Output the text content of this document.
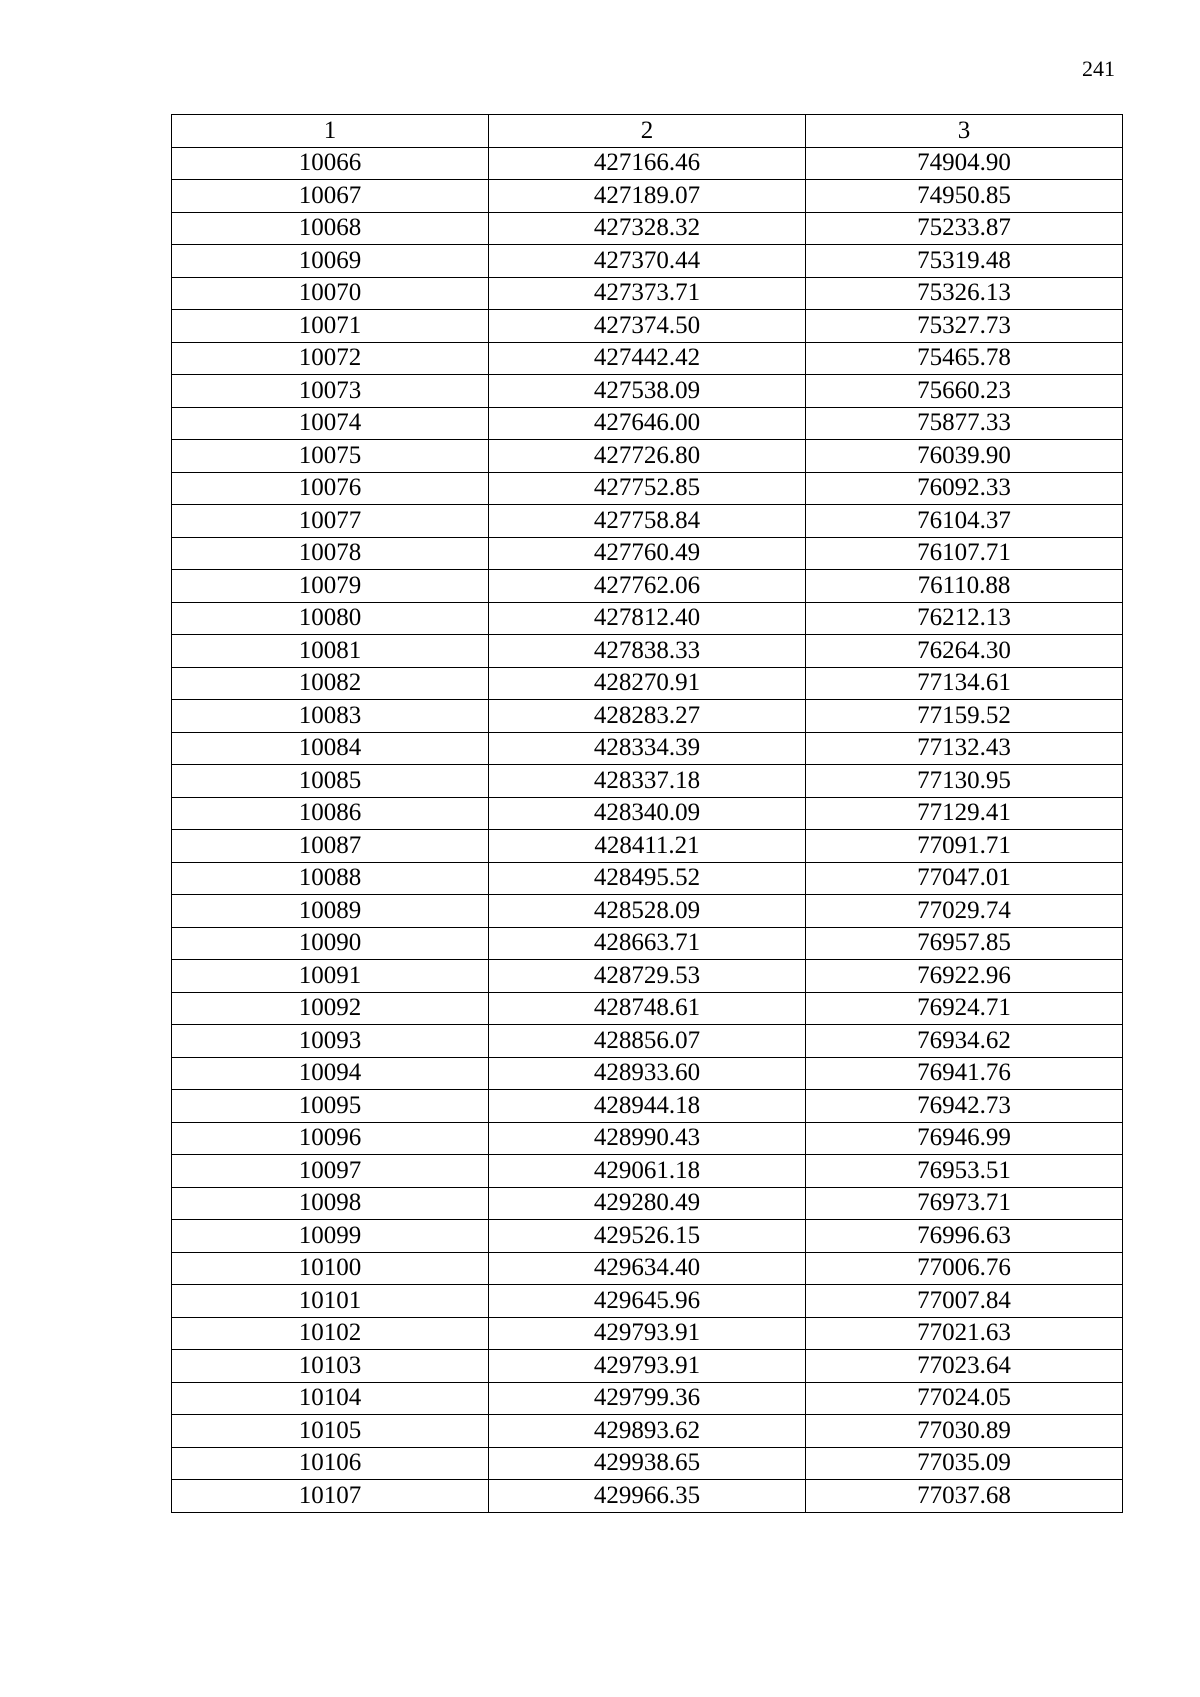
241
1	2	3
10066	427166.46	74904.90
10067	427189.07	74950.85
10068	427328.32	75233.87
10069	427370.44	75319.48
10070	427373.71	75326.13
10071	427374.50	75327.73
10072	427442.42	75465.78
10073	427538.09	75660.23
10074	427646.00	75877.33
10075	427726.80	76039.90
10076	427752.85	76092.33
10077	427758.84	76104.37
10078	427760.49	76107.71
10079	427762.06	76110.88
10080	427812.40	76212.13
10081	427838.33	76264.30
10082	428270.91	77134.61
10083	428283.27	77159.52
10084	428334.39	77132.43
10085	428337.18	77130.95
10086	428340.09	77129.41
10087	428411.21	77091.71
10088	428495.52	77047.01
10089	428528.09	77029.74
10090	428663.71	76957.85
10091	428729.53	76922.96
10092	428748.61	76924.71
10093	428856.07	76934.62
10094	428933.60	76941.76
10095	428944.18	76942.73
10096	428990.43	76946.99
10097	429061.18	76953.51
10098	429280.49	76973.71
10099	429526.15	76996.63
10100	429634.40	77006.76
10101	429645.96	77007.84
10102	429793.91	77021.63
10103	429793.91	77023.64
10104	429799.36	77024.05
10105	429893.62	77030.89
10106	429938.65	77035.09
10107	429966.35	77037.68
